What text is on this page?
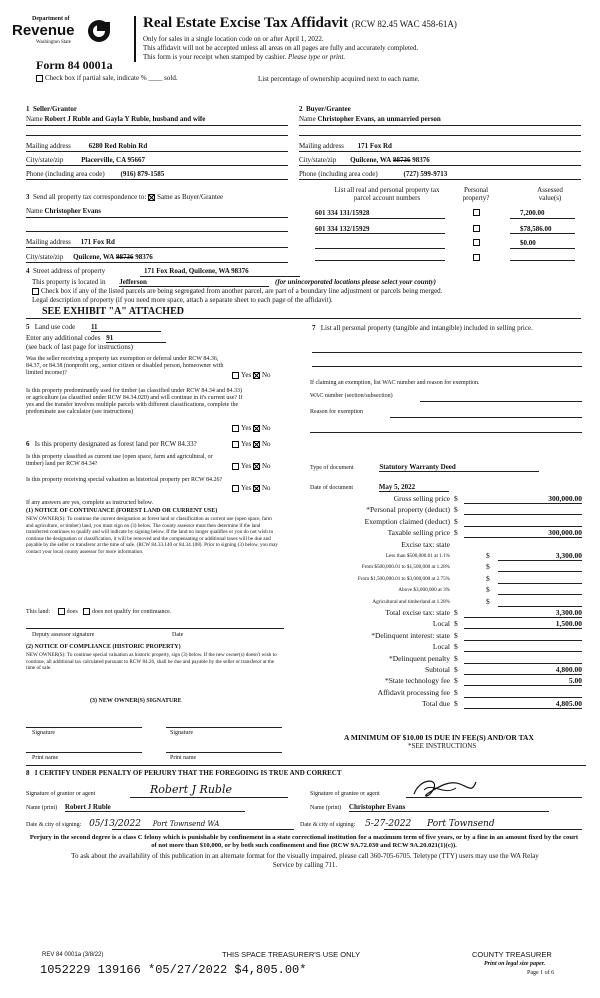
Department of
Revenue
Washington State
Real Estate Excise Tax Affidavit (RCW 82.45 WAC 458-61A)
Only for sales in a single location code on or after April 1, 2022.
This affidavit will not be accepted unless all areas on all pages are fully and accurately completed.
This form is your receipt when stamped by cashier. Please type or print.
Form 84 0001a
Check box if partial sale, indicate % ____ sold.	List percentage of ownership acquired next to each name.
1 Seller/Grantor
Name Robert J Ruble and Gayla Y Ruble, husband and wife
Mailing address	6280 Red Robin Rd
City/state/zip	Placerville, CA 95667
Phone (including area code) (916) 879-1585
2 Buyer/Grantee
Name Christopher Evans, an unmarried person
Mailing address 171 Fox Rd
City/state/zip Quilcene, WA 98736 98376
Phone (including area code)	(727) 599-9713
3 Send all property tax correspondence to: Same as Buyer/Grantee
Name Christopher Evans
Mailing address 171 Fox Rd
City/state/zip Quilcene, WA 98736 98376
List all real and personal property tax parcel account numbers
Personal property?
Assessed value(s)
601 334 131/15928	7,200.00
601 334 132/15929	$78,586.00
$0.00
4 Street address of property	171 Fox Road, Quilcene, WA 98376
This property is located in Jefferson	(for unincorporated locations please select your county)
Check box if any of the listed parcels are being segregated from another parcel, are part of a boundary line adjustment or parcels being merged.
Legal description of property (if you need more space, attach a separate sheet to each page of the affidavit).
SEE EXHIBIT "A" ATTACHED
5 Land use code 11
Enter any additional codes 91
(see back of last page for instructions)
Was the seller receiving a property tax exemption or deferral under RCW 84.36, 84.37, or 84.38 (nonprofit org., senior citizen or disabled person, homeowner with limited income)?	Yes No
Is this property predominantly used for timber (as classified under RCW 84.34 and 84.33) or agriculture (as classified under RCW 84.34.020) and will continue in it's current use? If yes and the transfer involves multiple parcels with different classifications, complete the predominate use calculator (see instructions)
Yes No
6 Is this property designated as forest land per RCW 84.33?	Yes No
Is this property classified as current use (open space, farm and agricultural, or timber) land per RCW 84.34?	Yes No
Is this property receiving special valuation as historical property per RCW 84.26?
Yes No
If any answers are yes, complete as instructed below.
(1) NOTICE OF CONTINUANCE (FOREST LAND OR CURRENT USE)
NEW OWNER(S): To continue the current designation as forest land or classification as current use (open space, farm and agriculture, or timber) land, you must sign on (3) below. The county assessor must then determine if the land transferred continues to qualify and will indicate by signing below. If the land no longer qualifies or you do not wish to continue the designation or classification, it will be removed and the compensating or additional taxes will be due and payable by the seller or transferor at the time of sale. (RCW 84.33.140 or 84.34.108). Prior to signing (3) below, you may contact your local county assessor for more information.
This land:	does does not qualify for continuance.
Deputy assessor signature	Date
(2) NOTICE OF COMPLIANCE (HISTORIC PROPERTY)
NEW OWNER(S): To continue special valuation as historic property, sign (3) below. If the new owner(s) doesn't wish to continue, all additional tax calculated pursuant to RCW 84.26, shall be due and payable by the seller or transferor at the time of sale.
(3) NEW OWNER(S) SIGNATURE
Signature	Signature
Print name	Print name
7 List all personal property (tangible and intangible) included in selling price.
If claiming an exemption, list WAC number and reason for exemption.
WAC number (section/subsection)
Reason for exemption
Type of document	Statutory Warranty Deed
Date of document	May 5, 2022
Gross selling price $	300,000.00
*Personal property (deduct) $
Exemption claimed (deduct) $
Taxable selling price $	300,000.00
Excise tax: state
Less than $500,000.01 at 1.1%	$	3,300.00
From $500,000.01 to $1,500,000 at 1.28%	$
From $1,500,000.01 to $3,000,000 at 2.75%	$
Above $3,000,000 at 3%	$
Agricultural and timberland at 1.28%	$
Total excise tax: state $	3,300.00
Local $	1,500.00
*Delinquent interest: state $
Local $
*Delinquent penalty $
Subtotal $	4,800.00
*State technology fee $	5.00
Affidavit processing fee $
Total due $	4,805.00
A MINIMUM OF $10.00 IS DUE IN FEE(S) AND/OR TAX
*SEE INSTRUCTIONS
8 I CERTIFY UNDER PENALTY OF PERJURY THAT THE FOREGOING IS TRUE AND CORRECT
Signature of grantor or agent	Robert J Ruble	Signature of grantee or agent
Name (print) Robert J Ruble	Name (print) Christopher Evans
Date & city of signing: 05/13/2022 Port Townsend WA	Date & city of signing: 5-27-2022 Port Townsend
Perjury in the second degree is a class C felony which is punishable by confinement in a state correctional institution for a maximum term of five years, or by a fine in an amount fixed by the court of not more than $10,000, or by both such confinement and fine (RCW 9A.72.030 and RCW 9A.20.021(1)(c)).
To ask about the availability of this publication in an alternate format for the visually impaired, please call 360-705-6705. Teletype (TTY) users may use the WA Relay Service by calling 711.
REV 84 0001a (3/8/22)	THIS SPACE TREASURER'S USE ONLY	COUNTY TREASURER
Print on legal size paper.
Page 1 of 6
1052229 139166 *05/27/2022 $4,805.00*
